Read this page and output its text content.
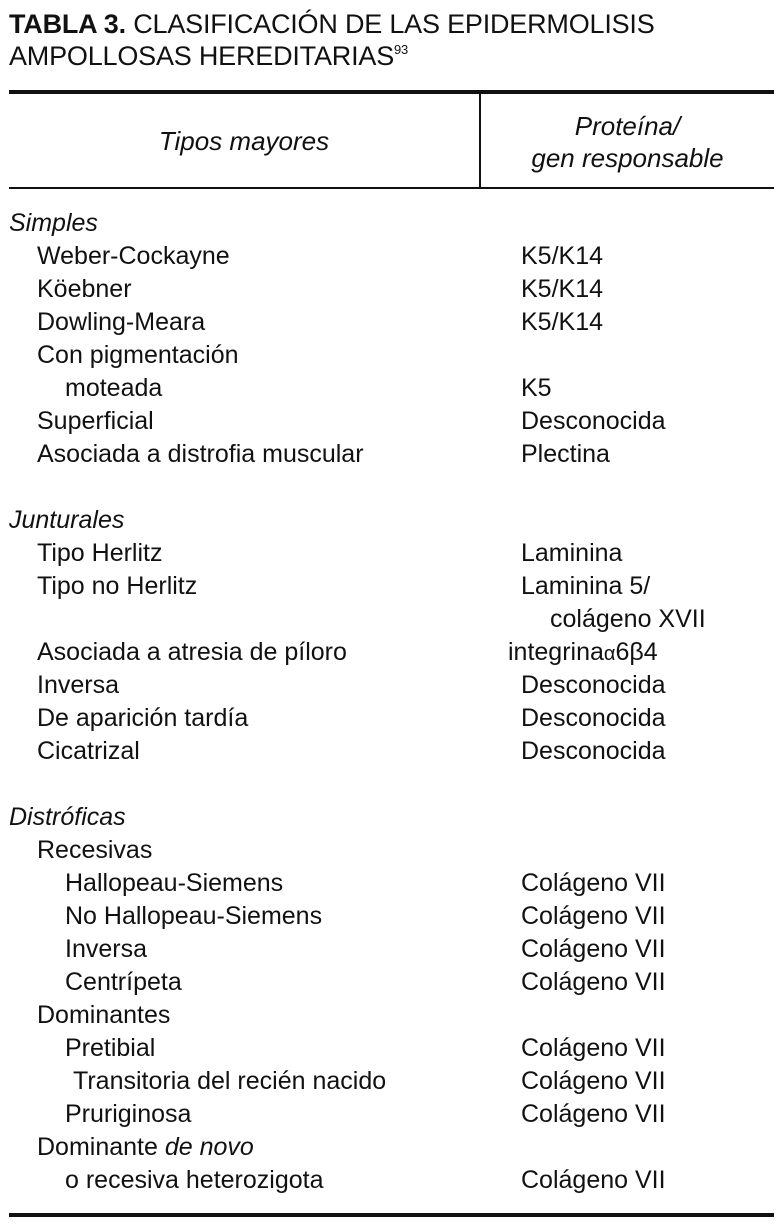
TABLA 3. CLASIFICACIÓN DE LAS EPIDERMOLISIS
AMPOLLOSAS HEREDITARIAS$^{93}$
Tipos mayores	Proteína/
gen responsable
Simples
Weber-Cockayne	K5/K14
Köebner	K5/K14
Dowling-Meara	K5/K14
Con pigmentación
moteada	K5
Superficial	Desconocida
Asociada a distrofia muscular	Plectina
Junturales
Tipo Herlitz	Laminina
Tipo no Herlitz	Laminina 5/
colágeno XVII
Asociada a atresia de píloro	integrinaα6β4
Inversa	Desconocida
De aparición tardía	Desconocida
Cicatrizal	Desconocida
Distróficas
Recesivas
Hallopeau-Siemens	Colágeno VII
No Hallopeau-Siemens	Colágeno VII
Inversa	Colágeno VII
Centrípeta	Colágeno VII
Dominantes
Pretibial	Colágeno VII
Transitoria del recién nacido	Colágeno VII
Pruriginosa	Colágeno VII
Dominante de novo
o recesiva heterozigota	Colágeno VII
